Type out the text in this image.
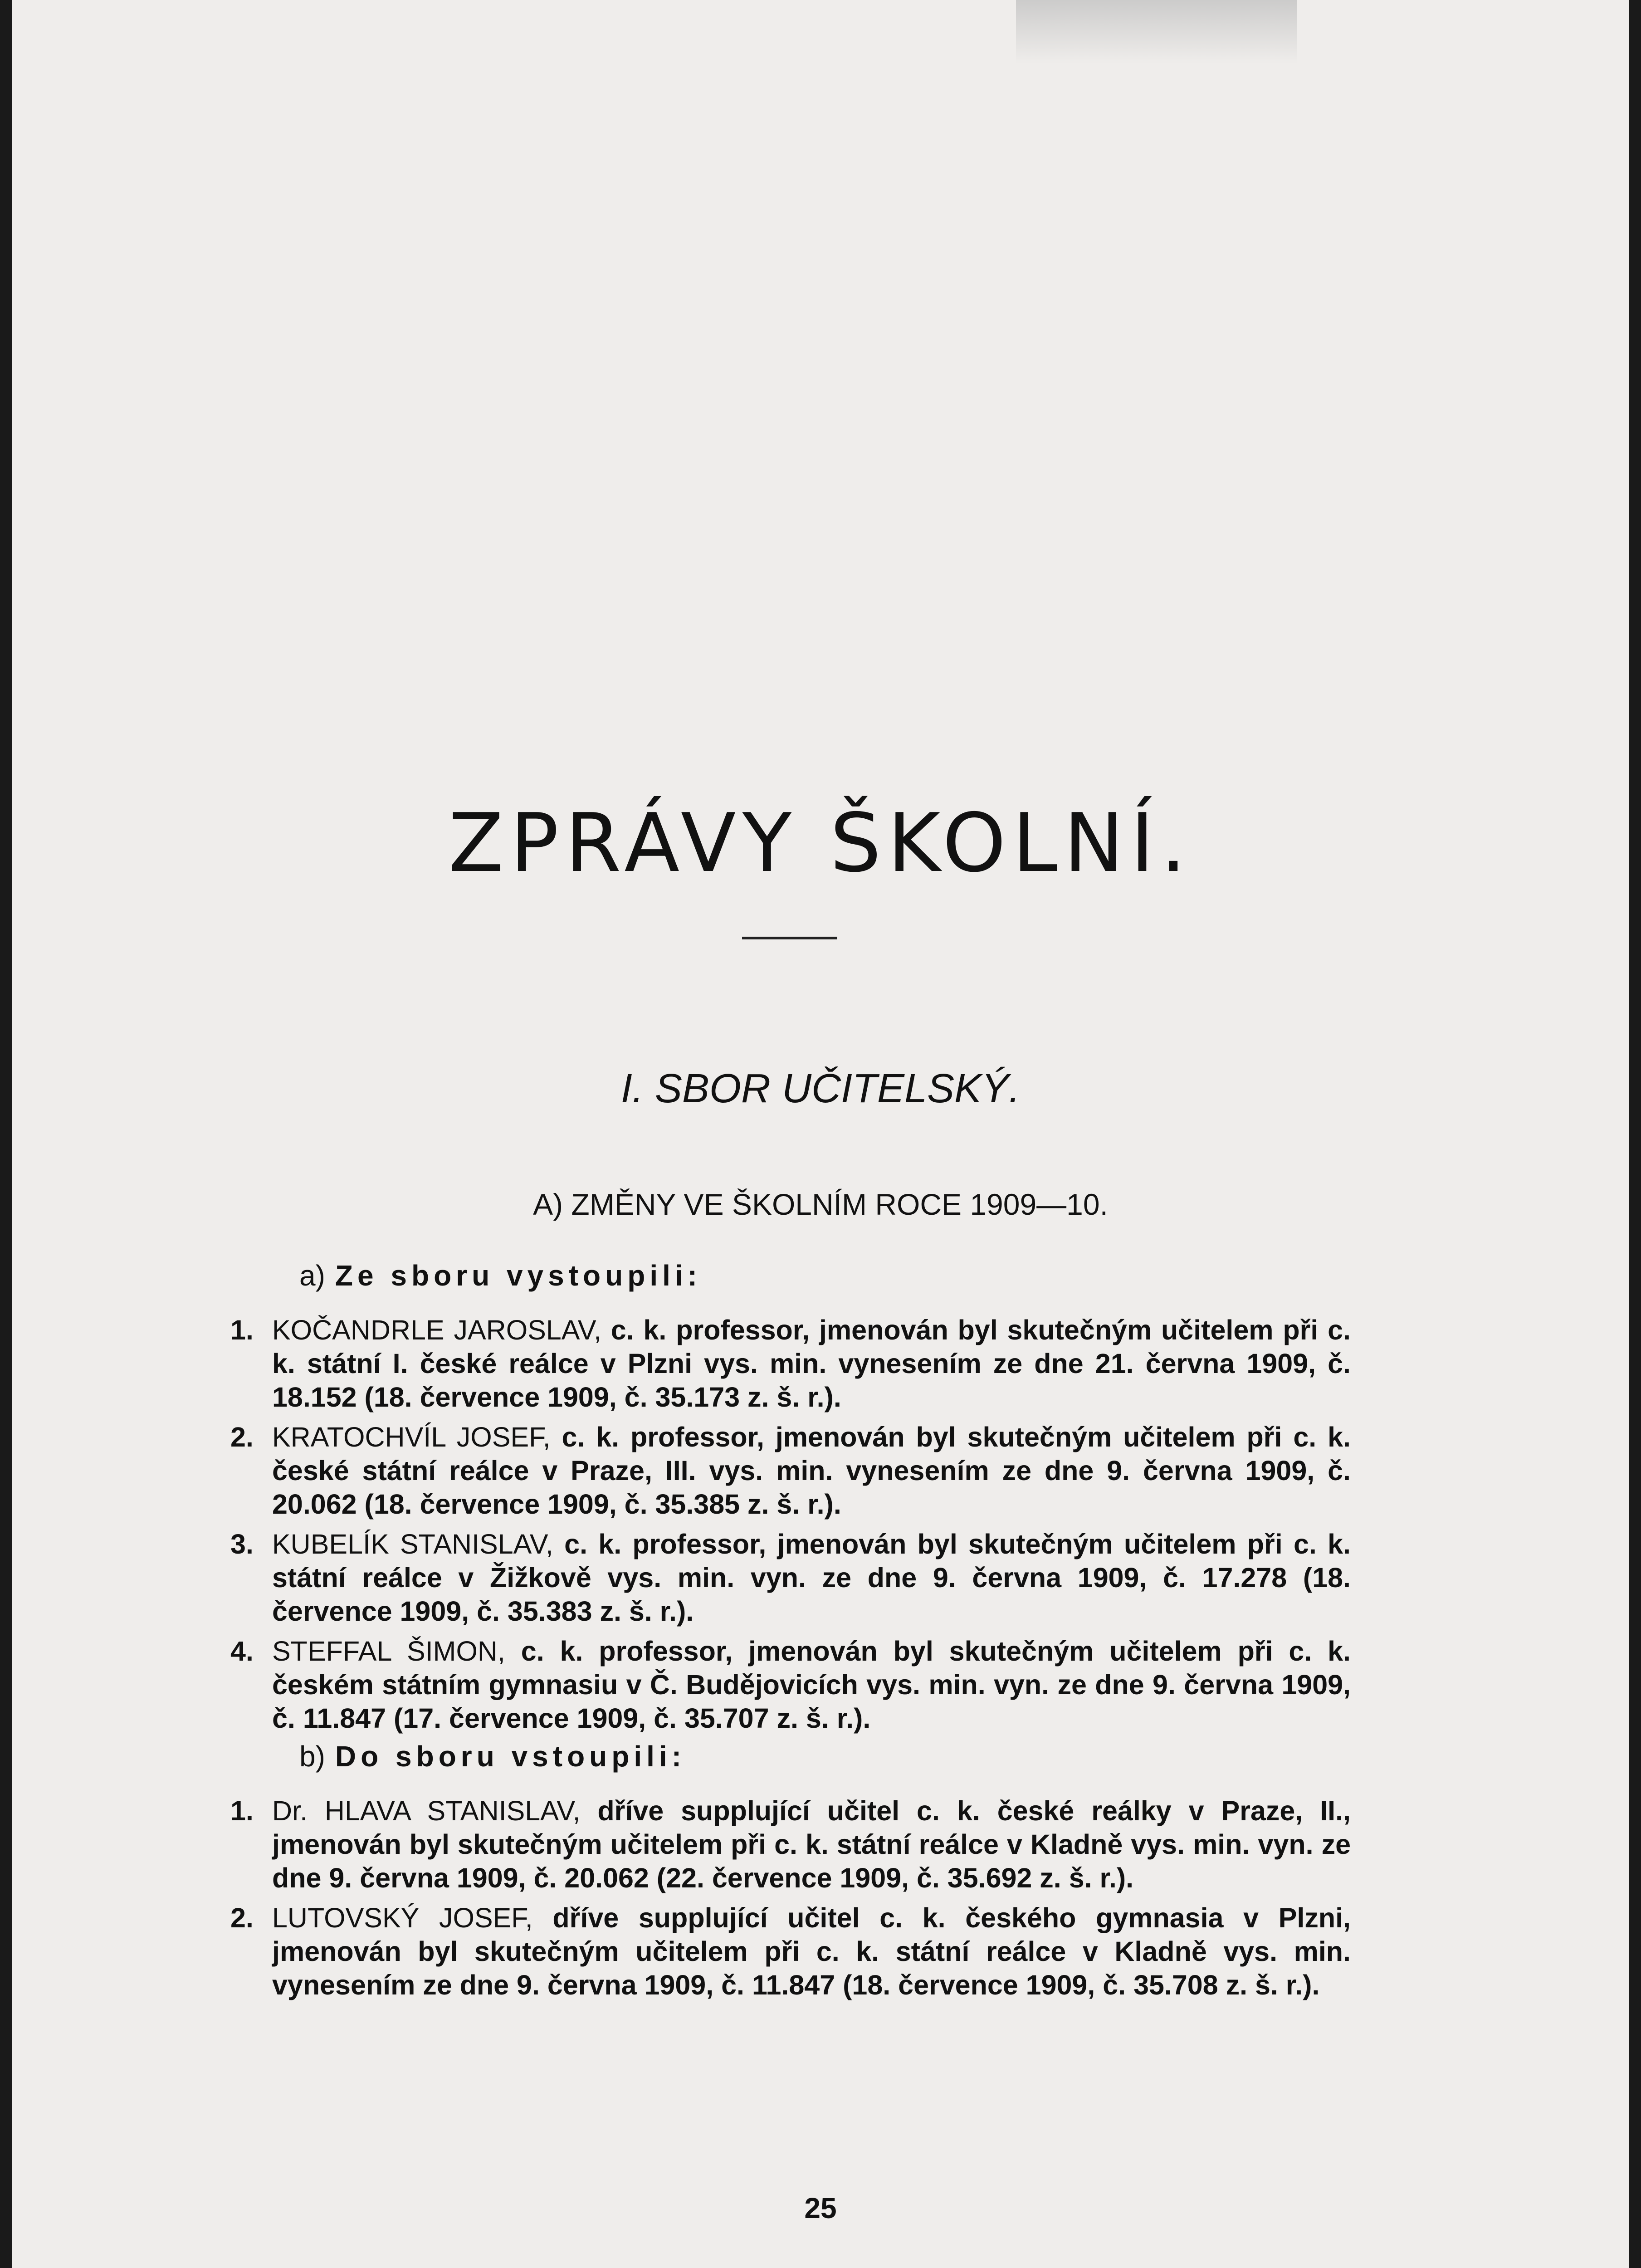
ZPRÁVY ŠKOLNÍ.
I. SBOR UČITELSKÝ.
A) ZMĚNY VE ŠKOLNÍM ROCE 1909—10.
a) Ze sboru vystoupili:
1. KOČANDRLE JAROSLAV, c. k. professor, jmenován byl skutečným učitelem při c. k. státní I. české reálce v Plzni vys. min. vynesením ze dne 21. června 1909, č. 18.152 (18. července 1909, č. 35.173 z. š. r.).
2. KRATOCHVÍL JOSEF, c. k. professor, jmenován byl skutečným učitelem při c. k. české státní reálce v Praze, III. vys. min. vynesením ze dne 9. června 1909, č. 20.062 (18. července 1909, č. 35.385 z. š. r.).
3. KUBELÍK STANISLAV, c. k. professor, jmenován byl skutečným učitelem při c. k. státní reálce v Žižkově vys. min. vyn. ze dne 9. června 1909, č. 17.278 (18. července 1909, č. 35.383 z. š. r.).
4. STEFFAL ŠIMON, c. k. professor, jmenován byl skutečným učitelem při c. k. českém státním gymnasiu v Č. Budějovicích vys. min. vyn. ze dne 9. června 1909, č. 11.847 (17. července 1909, č. 35.707 z. š. r.).
b) Do sboru vstoupili:
1. Dr. HLAVA STANISLAV, dříve supplující učitel c. k. české reálky v Praze, II., jmenován byl skutečným učitelem při c. k. státní reálce v Kladně vys. min. vyn. ze dne 9. června 1909, č. 20.062 (22. července 1909, č. 35.692 z. š. r.).
2. LUTOVSKÝ JOSEF, dříve supplující učitel c. k. českého gymnasia v Plzni, jmenován byl skutečným učitelem při c. k. státní reálce v Kladně vys. min. vynesením ze dne 9. června 1909, č. 11.847 (18. července 1909, č. 35.708 z. š. r.).
25
